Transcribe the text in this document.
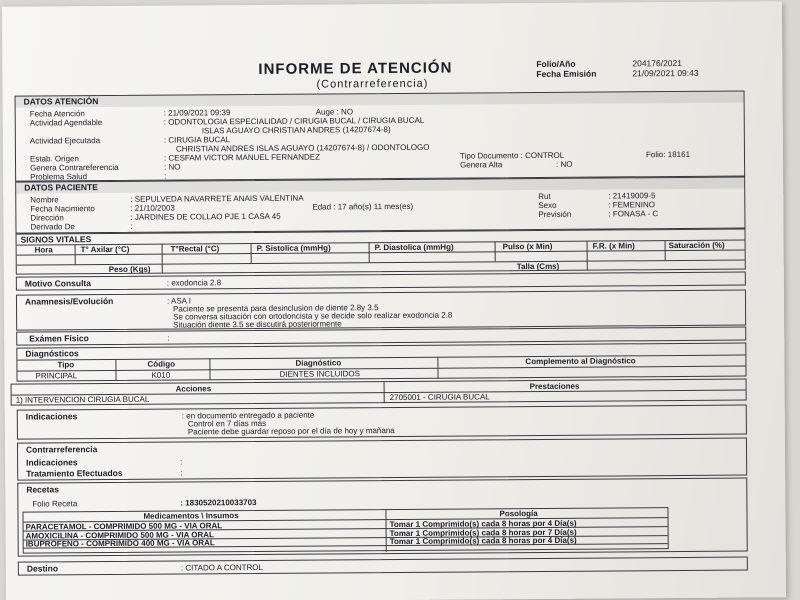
INFORME DE ATENCIÓN
(Contrarreferencia)
Folio/Año	204176/2021
Fecha Emisión	21/09/2021 09:43
DATOS ATENCIÓN
Fecha Atención	: 21/09/2021 09:39	Auge : NO
Actividad Agendable	: ODONTOLOGIA ESPECIALIDAD / CIRUGIA BUCAL / CIRUGIA BUCAL
ISLAS AGUAYO CHRISTIAN ANDRES (14207674-8)
Actividad Ejecutada	: CIRUGIA BUCAL
CHRISTIAN ANDRES ISLAS AGUAYO (14207674-8) / ODONTOLOGO
Estab. Origen	: CESFAM VICTOR MANUEL FERNANDEZ	Tipo Documento : CONTROL	Folio: 18161
Genera Contrareferencia	: NO	Genera Alta	: NO
Problema Salud	:
DATOS PACIENTE
Nombre	: SEPULVEDA NAVARRETE ANAIS VALENTINA	Rut	: 21419009-5
Fecha Nacimiento	: 21/10/2003	Edad : 17 año(s) 11 mes(es)	Sexo	: FEMENINO
Dirección	: JARDINES DE COLLAO PJE 1 CASA 45	Previsión	: FONASA - C
Derivado De	:
SIGNOS VITALES
Hora	T° Axilar (°C)	T°Rectal (°C)	P. Sistolica (mmHg)	P. Diastolica (mmHg)	Pulso (x Min)	F.R. (x Min)	Saturación (%)
Peso (Kgs)	Talla (Cms)
Motivo Consulta	: exodoncia 2.8
Anamnesis/Evolución	: ASA I
Paciente se presenta para desinclusion de diente 2.8y 3.5
Se conversa situación con ortodoncista y se decide solo realizar exodoncia 2.8
Situación diente 3.5 se discutirá posteriormente
Exámen Físico	:
Diagnósticos
Tipo	Código	Diagnóstico	Complemento al Diagnóstico
PRINCIPAL	K010	DIENTES INCLUIDOS
Acciones	Prestaciones
1) INTERVENCION CIRUGIA BUCAL	2705001 - CIRUGIA BUCAL
Indicaciones	: en documento entregado a paciente
Control en 7 días más
Paciente debe guardar reposo por el día de hoy y mañana
Contrarreferencia
Indicaciones	:
Tratamiento Efectuados	:
Recetas
Folio Receta	: 1830520210033703
Medicamentos \ Insumos	Posología
PARACETAMOL - COMPRIMIDO 500 MG - VIA ORAL	Tomar 1 Comprimido(s) cada 8 horas por 4 Día(s)
AMOXICILINA - COMPRIMIDO 500 MG - VIA ORAL	Tomar 1 Comprimido(s) cada 8 horas por 7 Día(s)
IBUPROFENO - COMPRIMIDO 400 MG - VIA ORAL	Tomar 1 Comprimido(s) cada 8 horas por 4 Día(s)
Destino	: CITADO A CONTROL
